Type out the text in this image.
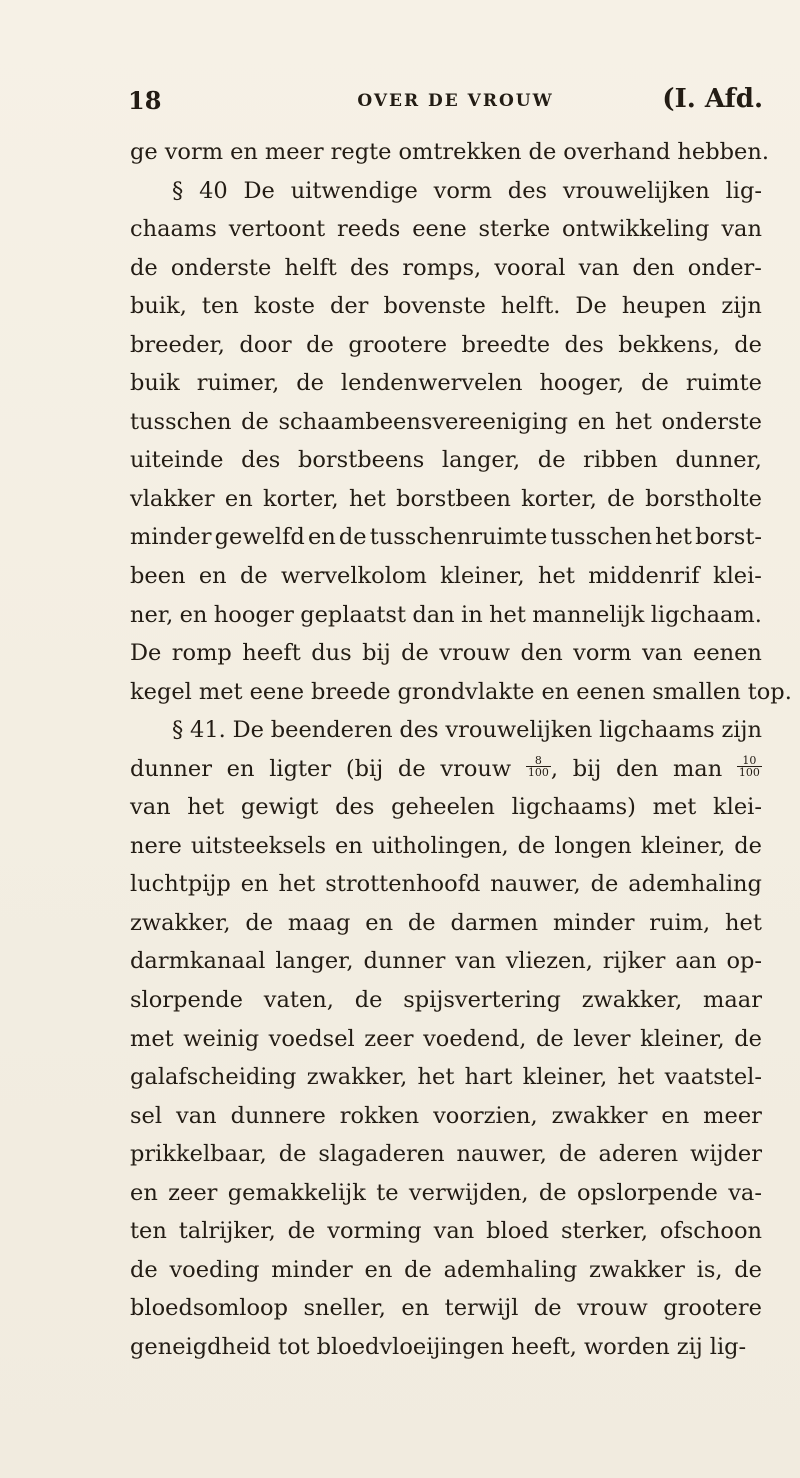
18	OVER DE VROUW	(I. Afd.
ge vorm en meer regte omtrekken de overhand hebben.
§ 40 De uitwendige vorm des vrouwelijken lig-
chaams vertoont reeds eene sterke ontwikkeling van
de onderste helft des romps, vooral van den onder-
buik, ten koste der bovenste helft. De heupen zijn
breeder, door de grootere breedte des bekkens, de
buik ruimer, de lendenwervelen hooger, de ruimte
tusschen de schaambeensvereeniging en het onderste
uiteinde des borstbeens langer, de ribben dunner,
vlakker en korter, het borstbeen korter, de borstholte
minder gewelfd en de tusschenruimte tusschen het borst-
been en de wervelkolom kleiner, het middenrif klei-
ner, en hooger geplaatst dan in het mannelijk ligchaam.
De romp heeft dus bij de vrouw den vorm van eenen
kegel met eene breede grondvlakte en eenen smallen top.
§ 41. De beenderen des vrouwelijken ligchaams zijn
dunner en ligter (bij de vrouw $\frac{8}{100}$ , bij den man $\frac{10}{100}$
van het gewigt des geheelen ligchaams) met klei-
nere uitsteeksels en uitholingen, de longen kleiner, de
luchtpijp en het strottenhoofd nauwer, de ademhaling
zwakker, de maag en de darmen minder ruim, het
darmkanaal langer, dunner van vliezen, rijker aan op-
slorpende vaten, de spijsvertering zwakker, maar
met weinig voedsel zeer voedend, de lever kleiner, de
galafscheiding zwakker, het hart kleiner, het vaatstel-
sel van dunnere rokken voorzien, zwakker en meer
prikkelbaar, de slagaderen nauwer, de aderen wijder
en zeer gemakkelijk te verwijden, de opslorpende va-
ten talrijker, de vorming van bloed sterker, ofschoon
de voeding minder en de ademhaling zwakker is, de
bloedsomloop sneller, en terwijl de vrouw grootere
geneigdheid tot bloedvloeijingen heeft, worden zij lig-
